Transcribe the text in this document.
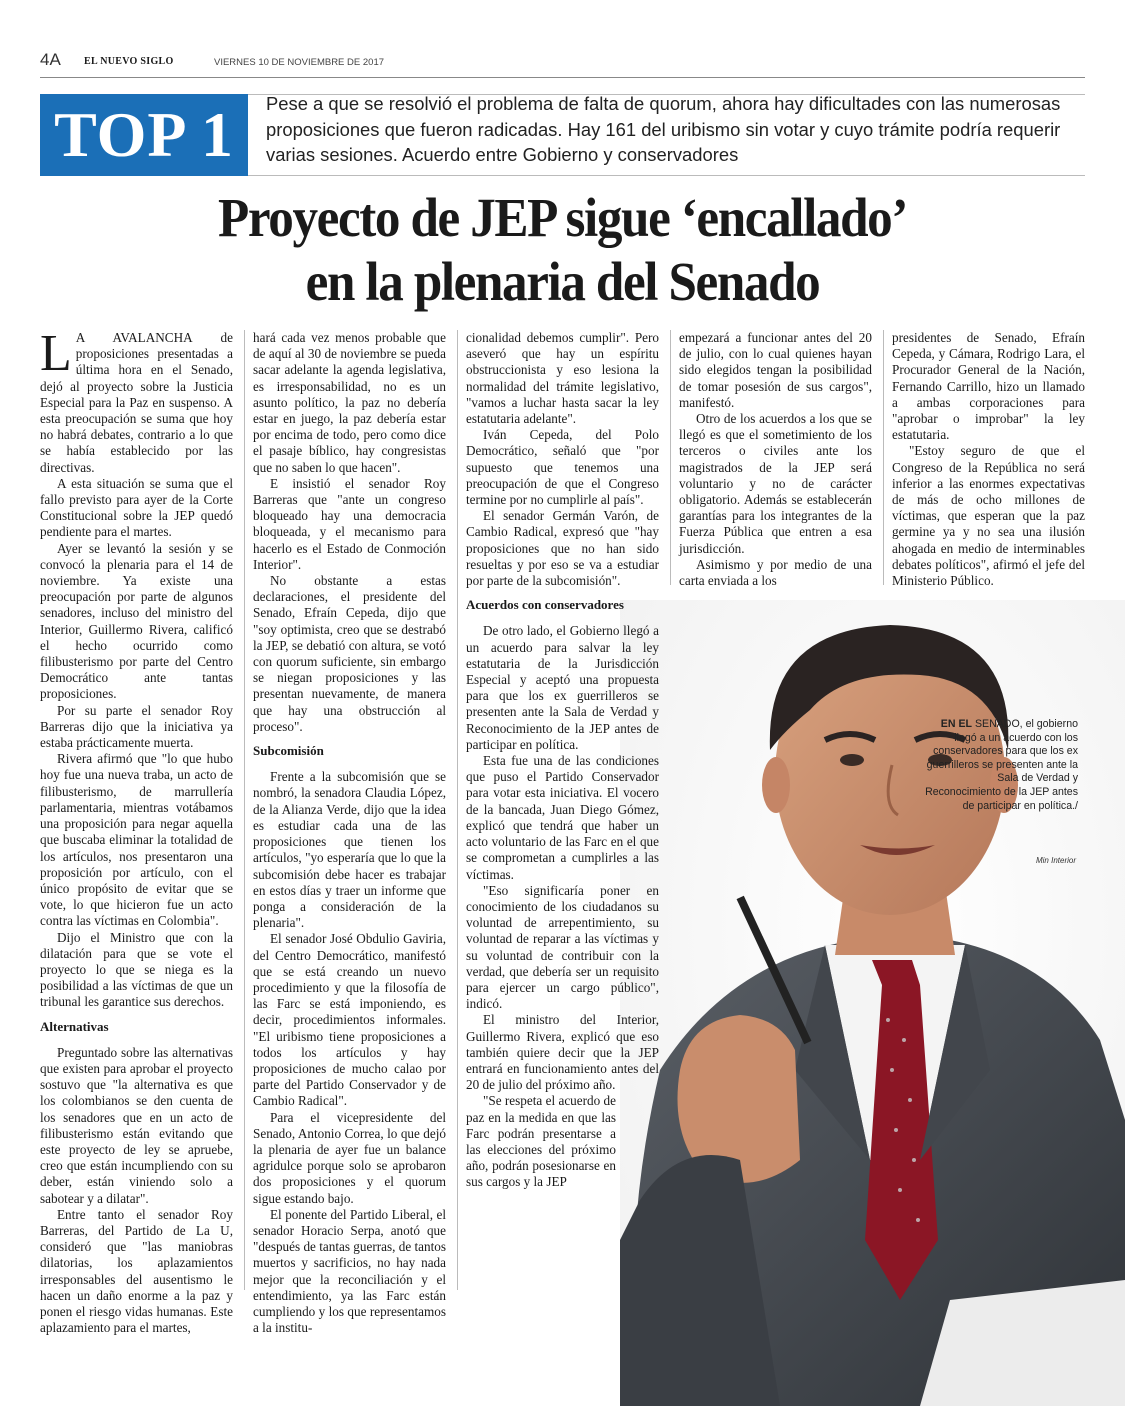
4A EL NUEVO SIGLO	VIERNES 10 DE NOVIEMBRE DE 2017
TOP 1 Pese a que se resolvió el problema de falta de quorum, ahora hay dificultades con las numerosas proposiciones que fueron radicadas. Hay 161 del uribismo sin votar y cuyo trámite podría requerir varias sesiones. Acuerdo entre Gobierno y conservadores
Proyecto de JEP sigue ‘encallado’
en la plenaria del Senado
EN EL SENADO, el gobierno llegó a un acuerdo con los conservadores para que los ex guerrilleros se presenten ante la Sala de Verdad y Reconocimiento de la JEP antes de participar en política./
Min Interior

L A AVALANCHA de proposiciones presentadas a última hora en el Senado, dejó al proyecto sobre la Justicia Especial para la Paz en suspenso. A esta preocupación se suma que hoy no habrá debates, contrario a lo que se había establecido por las directivas.

A esta situación se suma que el fallo previsto para ayer de la Corte Constitucional sobre la JEP quedó pendiente para el martes.

Ayer se levantó la sesión y se convocó la plenaria para el 14 de noviembre. Ya existe una preocupación por parte de algunos senadores, incluso del ministro del Interior, Guillermo Rivera, calificó el hecho ocurrido como filibusterismo por parte del Centro Democrático ante tantas proposiciones.

Por su parte el senador Roy Barreras dijo que la iniciativa ya estaba prácticamente muerta.

Rivera afirmó que "lo que hubo hoy fue una nueva traba, un acto de filibusterismo, de marrullería parlamentaria, mientras votábamos una proposición para negar aquella que buscaba eliminar la totalidad de los artículos, nos presentaron una proposición por artículo, con el único propósito de evitar que se vote, lo que hicieron fue un acto contra las víctimas en Colombia".

Dijo el Ministro que con la dilatación para que se vote el proyecto lo que se niega es la posibilidad a las víctimas de que un tribunal les garantice sus derechos.

Alternativas

Preguntado sobre las alternativas que existen para aprobar el proyecto sostuvo que "la alternativa es que los colombianos se den cuenta de los senadores que en un acto de filibusterismo están evitando que este proyecto de ley se apruebe, creo que están incumpliendo con su deber, están viniendo solo a sabotear y a dilatar".

Entre tanto el senador Roy Barreras, del Partido de La U, consideró que "las maniobras dilatorias, los aplazamientos irresponsables del ausentismo le hacen un daño enorme a la paz y ponen el riesgo vidas humanas. Este aplazamiento para el martes,

hará cada vez menos probable que de aquí al 30 de noviembre se pueda sacar adelante la agenda legislativa, es irresponsabilidad, no es un asunto político, la paz no debería estar en juego, la paz debería estar por encima de todo, pero como dice el pasaje bíblico, hay congresistas que no saben lo que hacen".

E insistió el senador Roy Barreras que "ante un congreso bloqueado hay una democracia bloqueada, y el mecanismo para hacerlo es el Estado de Conmoción Interior".

No obstante a estas declaraciones, el presidente del Senado, Efraín Cepeda, dijo que "soy optimista, creo que se destrabó la JEP, se debatió con altura, se votó con quorum suficiente, sin embargo se niegan proposiciones y las presentan nuevamente, de manera que hay una obstrucción al proceso".

Subcomisión

Frente a la subcomisión que se nombró, la senadora Claudia López, de la Alianza Verde, dijo que la idea es estudiar cada una de las proposiciones que tienen los artículos, "yo esperaría que lo que la subcomisión debe hacer es trabajar en estos días y traer un informe que ponga a consideración de la plenaria".

El senador José Obdulio Gaviria, del Centro Democrático, manifestó que se está creando un nuevo procedimiento y que la filosofía de las Farc se está imponiendo, es decir, procedimientos informales. "El uribismo tiene proposiciones a todos los artículos y hay proposiciones de mucho calao por parte del Partido Conservador y de Cambio Radical".

Para el vicepresidente del Senado, Antonio Correa, lo que dejó la plenaria de ayer fue un balance agridulce porque solo se aprobaron dos proposiciones y el quorum sigue estando bajo.

El ponente del Partido Liberal, el senador Horacio Serpa, anotó que "después de tantas guerras, de tantos muertos y sacrificios, no hay nada mejor que la reconciliación y el entendimiento, ya las Farc están cumpliendo y los que representamos a la institu-

cionalidad debemos cumplir". Pero aseveró que hay un espíritu obstruccionista y eso lesiona la normalidad del trámite legislativo, "vamos a luchar hasta sacar la ley estatutaria adelante".

Iván Cepeda, del Polo Democrático, señaló que "por supuesto que tenemos una preocupación de que el Congreso termine por no cumplirle al país".

El senador Germán Varón, de Cambio Radical, expresó que "hay proposiciones que no han sido resueltas y por eso se va a estudiar por parte de la subcomisión".

Acuerdos con conservadores

De otro lado, el Gobierno llegó a un acuerdo para salvar la ley estatutaria de la Jurisdicción Especial y aceptó una propuesta para que los ex guerrilleros se presenten ante la Sala de Verdad y Reconocimiento de la JEP antes de participar en política.

Esta fue una de las condiciones que puso el Partido Conservador para votar esta iniciativa. El vocero de la bancada, Juan Diego Gómez, explicó que tendrá que haber un acto voluntario de las Farc en el que se comprometan a cumplirles a las víctimas.

"Eso significaría poner en conocimiento de los ciudadanos su voluntad de arrepentimiento, su voluntad de reparar a las víctimas y su voluntad de contribuir con la verdad, que debería ser un requisito para ejercer un cargo público", indicó.

El ministro del Interior, Guillermo Rivera, explicó que eso también quiere decir que la JEP entrará en funcionamiento antes del 20 de julio del próximo año.

"Se respeta el acuerdo de paz en la medida en que las Farc podrán presentarse a las elecciones del próximo año, podrán posesionarse en sus cargos y la JEP

empezará a funcionar antes del 20 de julio, con lo cual quienes hayan sido elegidos tengan la posibilidad de tomar posesión de sus cargos", manifestó.

Otro de los acuerdos a los que se llegó es que el sometimiento de los terceros o civiles ante los magistrados de la JEP será voluntario y no de carácter obligatorio. Además se establecerán garantías para los integrantes de la Fuerza Pública que entren a esa jurisdicción.

Asimismo y por medio de una carta enviada a los

presidentes de Senado, Efraín Cepeda, y Cámara, Rodrigo Lara, el Procurador General de la Nación, Fernando Carrillo, hizo un llamado a ambas corporaciones para "aprobar o improbar" la ley estatutaria.

"Estoy seguro de que el Congreso de la República no será inferior a las enormes expectativas de más de ocho millones de víctimas, que esperan que la paz germine ya y no sea una ilusión ahogada en medio de interminables debates políticos", afirmó el jefe del Ministerio Público.
